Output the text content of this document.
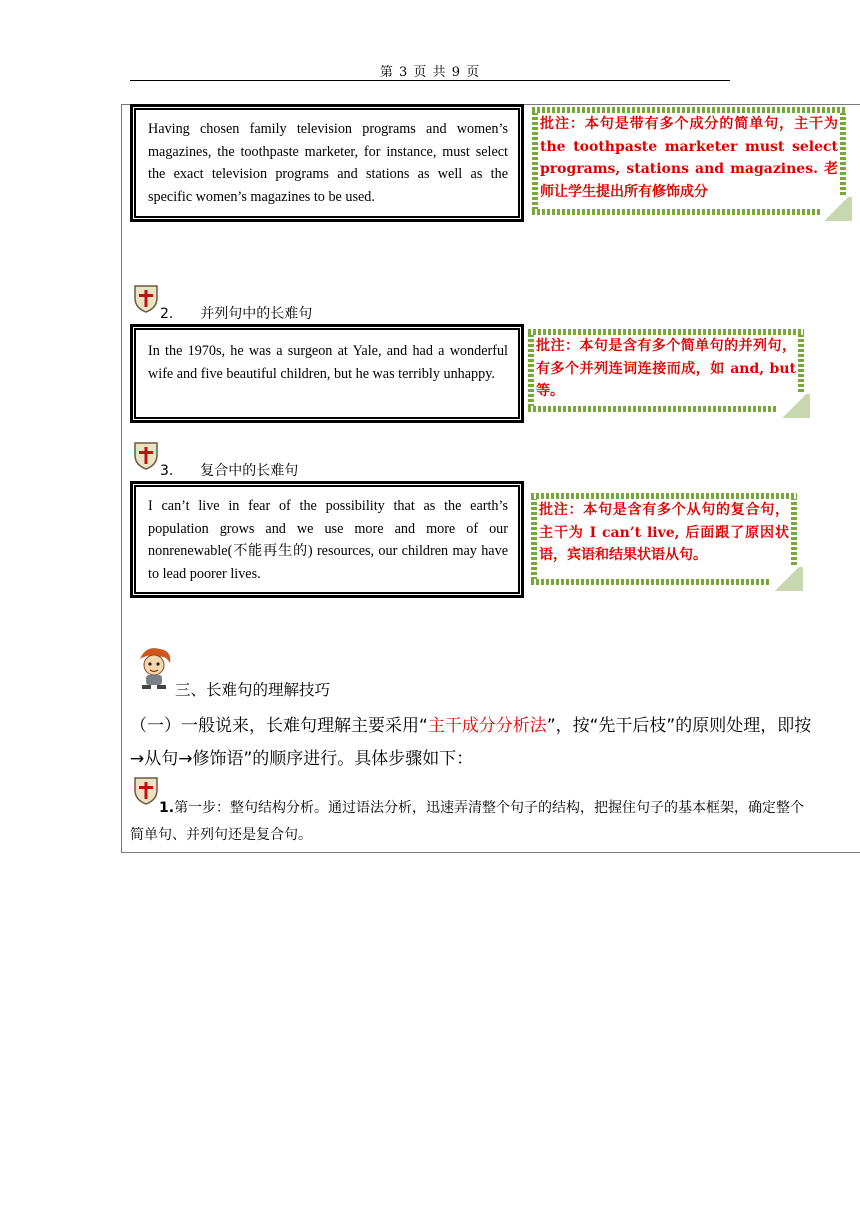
第 3 页 共 9 页
Having chosen family television programs and women’s magazines, the toothpaste marketer, for instance, must select the exact television programs and stations as well as the specific women’s magazines to be used.
批注：本句是带有多个成分的简单句，主干为 the toothpaste marketer must select programs, stations and magazines. 老师让学生提出所有修饰成分
2. 并列句中的长难句
In the 1970s, he was a surgeon at Yale, and had a wonderful wife and five beautiful children, but he was terribly unhappy.
批注：本句是含有多个简单句的并列句，有多个并列连词连接而成，如 and, but 等。
3. 复合中的长难句
I can’t live in fear of the possibility that as the earth’s population grows and we use more and more of our nonrenewable(不能再生的) resources, our children may have to lead poorer lives.
批注：本句是含有多个从句的复合句，主干为 I can’t live, 后面跟了原因状语，宾语和结果状语从句。
三、长难句的理解技巧
（一）一般说来，长难句理解主要采用“主干成分分析法”，按“先干后枝”的原则处理，即按
→从句→修饰语”的顺序进行。具体步骤如下：
1.第一步：整句结构分析。通过语法分析，迅速弄清整个句子的结构，把握住句子的基本框架，确定整个
简单句、并列句还是复合句。
